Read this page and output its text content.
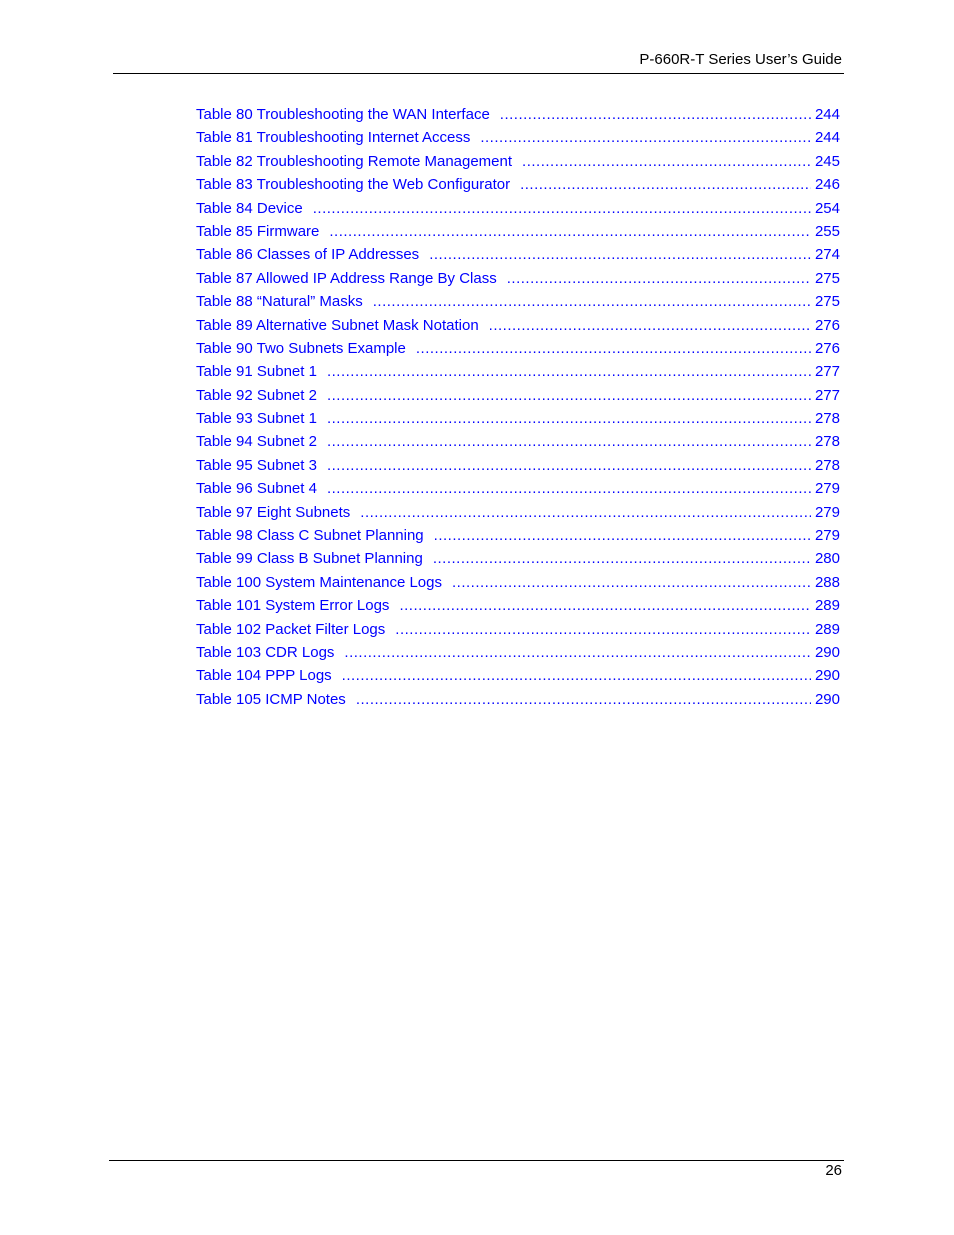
P-660R-T Series User’s Guide
Table 80 Troubleshooting the WAN Interface .....	244
Table 81 Troubleshooting Internet Access .....	244
Table 82 Troubleshooting Remote Management .....	245
Table 83 Troubleshooting the Web Configurator .....	246
Table 84 Device .....	254
Table 85 Firmware .....	255
Table 86 Classes of IP Addresses .....	274
Table 87 Allowed IP Address Range By Class .....	275
Table 88 “Natural” Masks .....	275
Table 89 Alternative Subnet Mask Notation .....	276
Table 90 Two Subnets Example .....	276
Table 91 Subnet 1 .....	277
Table 92 Subnet 2 .....	277
Table 93 Subnet 1 .....	278
Table 94 Subnet 2 .....	278
Table 95 Subnet 3 .....	278
Table 96 Subnet 4 .....	279
Table 97 Eight Subnets .....	279
Table 98 Class C Subnet Planning .....	279
Table 99 Class B Subnet Planning .....	280
Table 100 System Maintenance Logs .....	288
Table 101 System Error Logs .....	289
Table 102 Packet Filter Logs .....	289
Table 103 CDR Logs .....	290
Table 104 PPP Logs .....	290
Table 105 ICMP Notes .....	290
26
